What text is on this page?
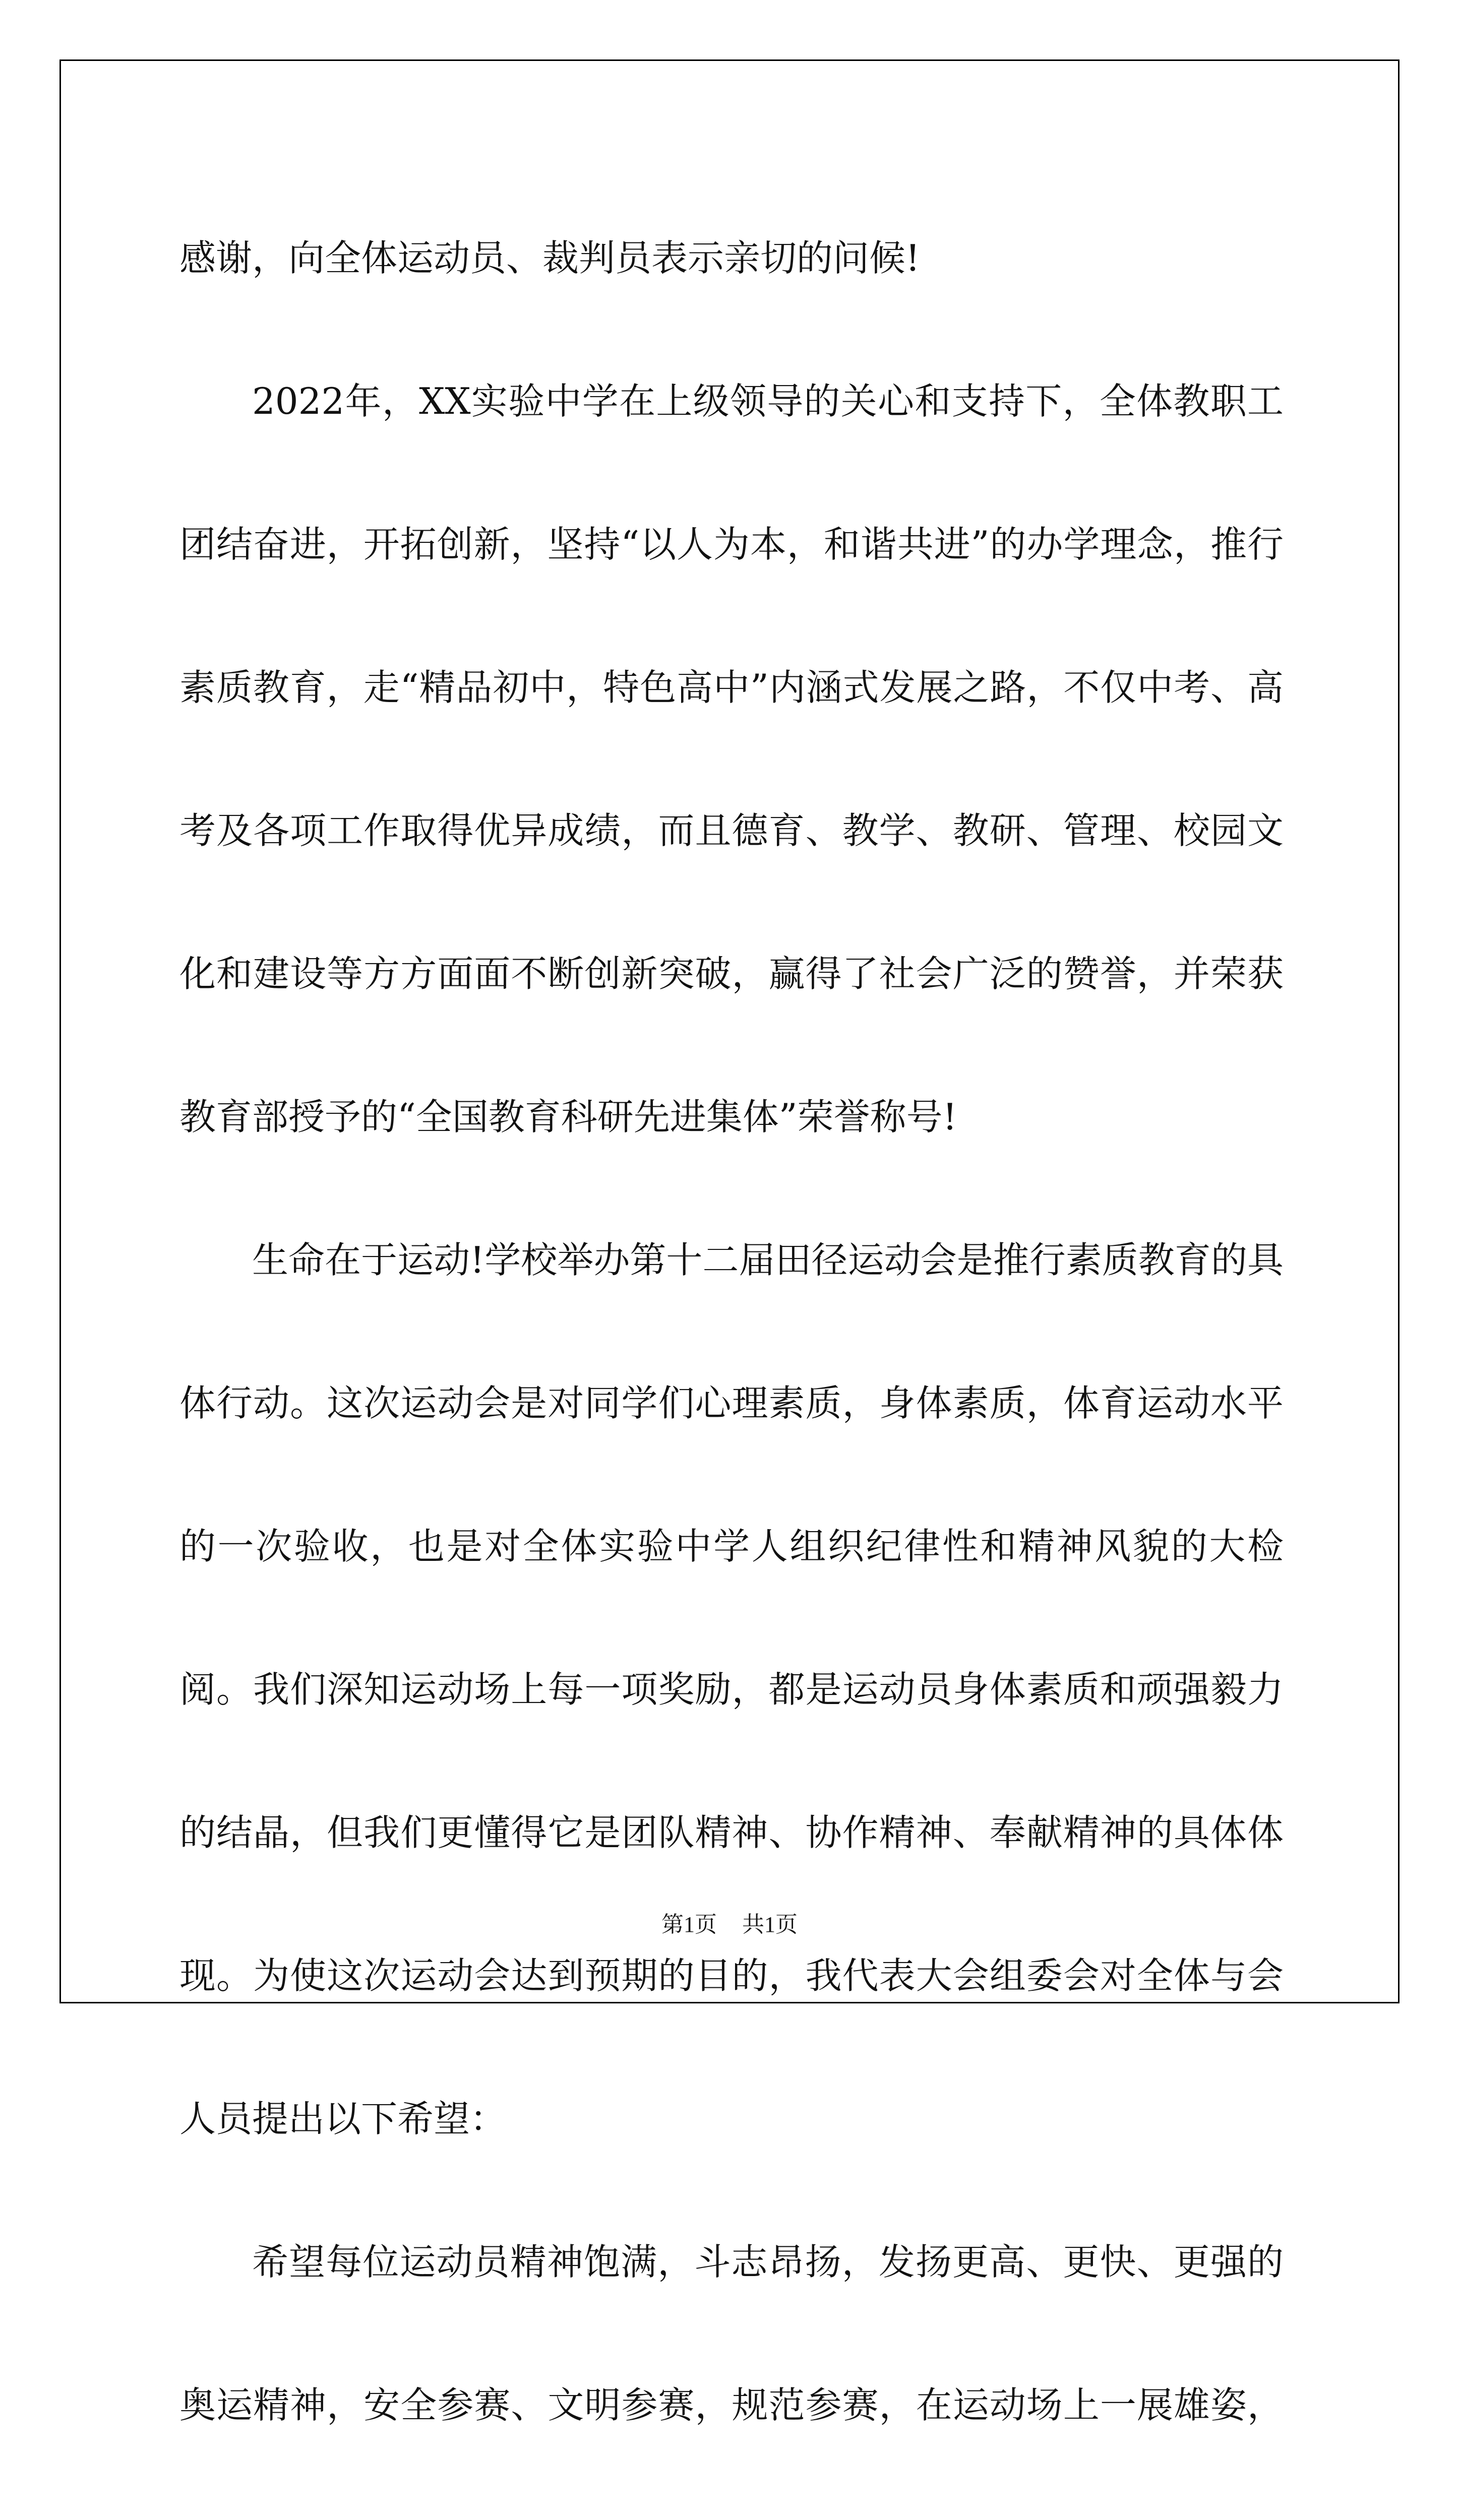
感谢，向全体运动员、裁判员表示亲切的问候!

2022年，XX实验中学在上级领导的关心和支持下，全体教职工团结奋进，开拓创新，坚持“以人为本，和谐共进”的办学理念，推行素质教育，走“精品初中，特色高中”内涵式发展之路，不仅中考、高考及各项工作取得优异成绩，而且德育、教学、教研、管理、校园文化和建设等方方面面不断创新突破，赢得了社会广泛的赞誉，并荣获教育部授予的“全国教育科研先进集体”荣誉称号!

生命在于运动!学校举办第十二届田径运动会是推行素质教育的具体行动。这次运动会是对同学们心理素质，身体素质，体育运动水平的一次验收，也是对全体实验中学人组织纪律性和精神风貌的大检阅。我们深知运动场上每一项奖励，都是运动员身体素质和顽强毅力的结晶，但我们更懂得它是团队精神、协作精神、奉献精神的具体体现。为使这次运动会达到预期的目的，我代表大会组委会对全体与会人员提出以下希望：

希望每位运动员精神饱满，斗志昂扬，发扬更高、更快、更强的奥运精神，安全参赛、文明参赛，规范参赛，在运动场上一展雄姿，

第1页 共1页
